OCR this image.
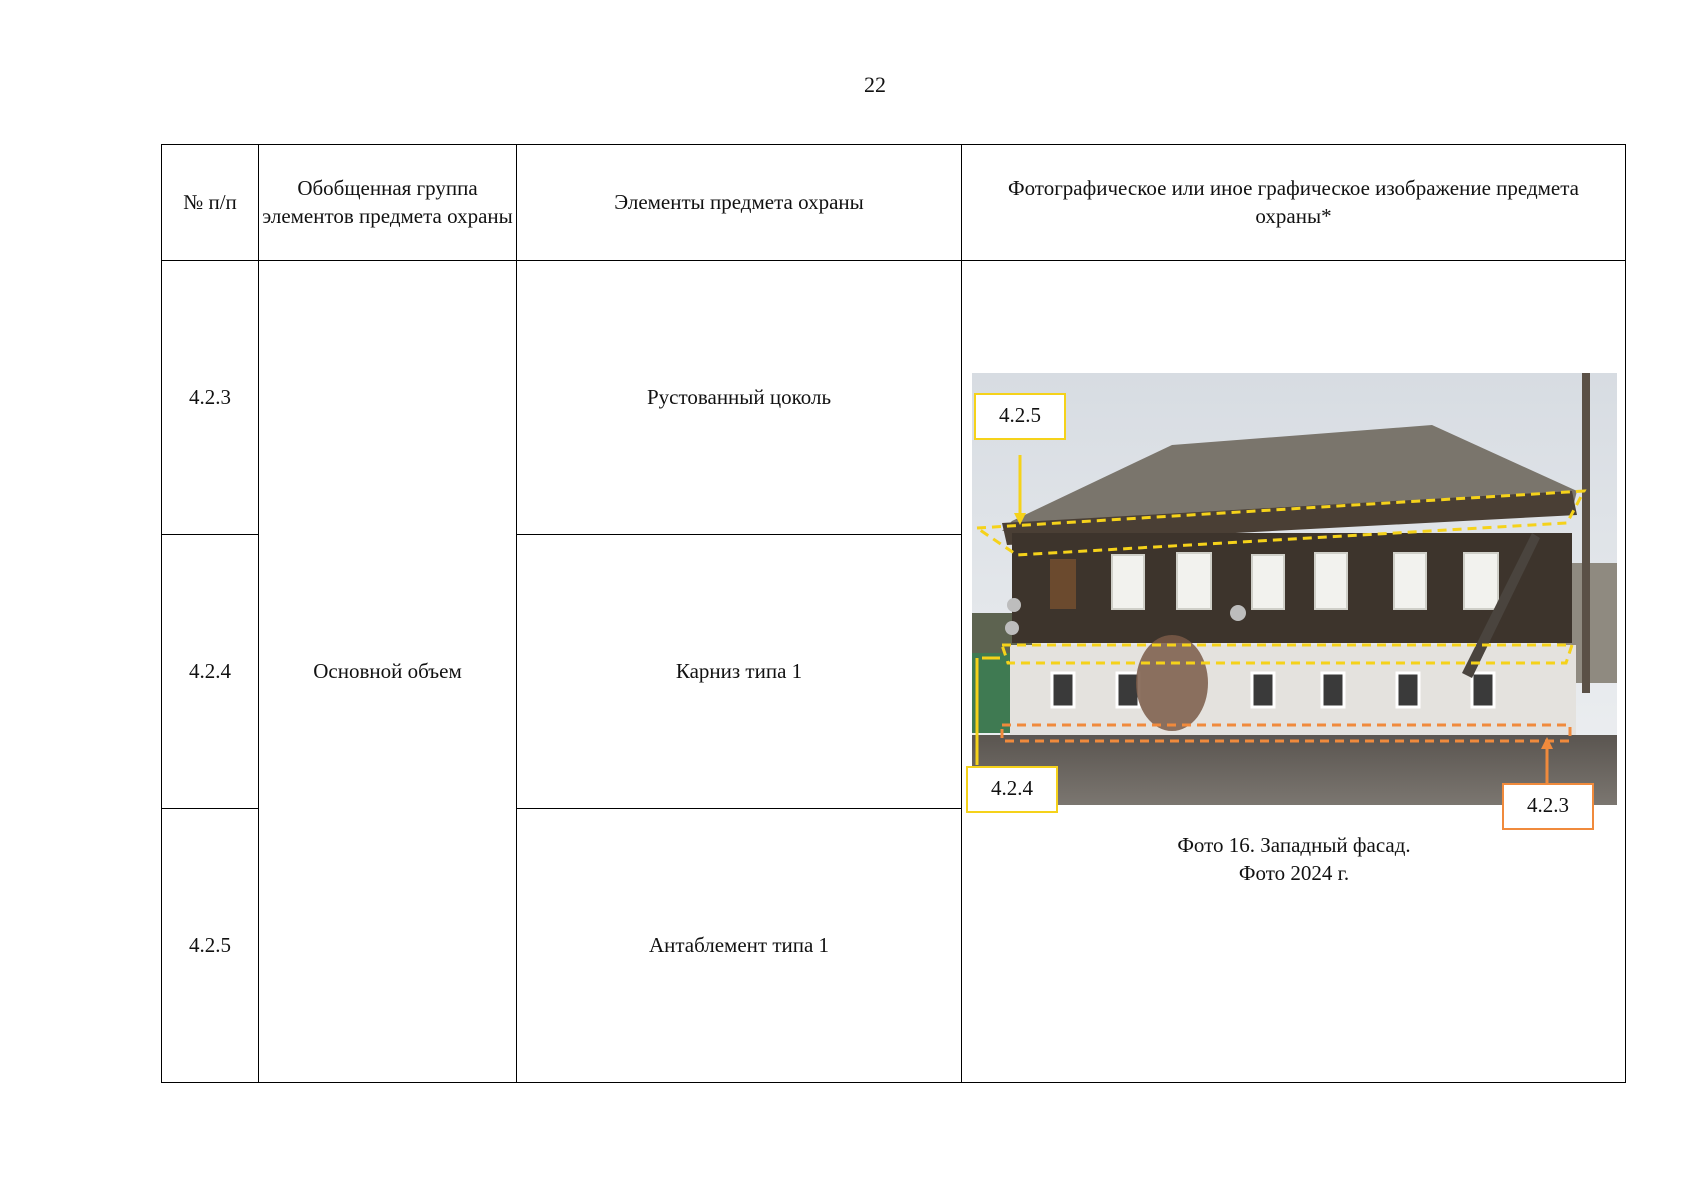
22
№ п/п	Обобщенная группа элементов предмета охраны	Элементы предмета охраны	Фотографическое или иное графическое изображение предмета охраны*
4.2.3	Основной объем	Рустованный цоколь	4.2.5
4.2.4
4.2.3
Фото 16. Западный фасад.
Фото 2024 г.

4.2.4		Карниз типа 1	
4.2.5		Антаблемент типа 1	
